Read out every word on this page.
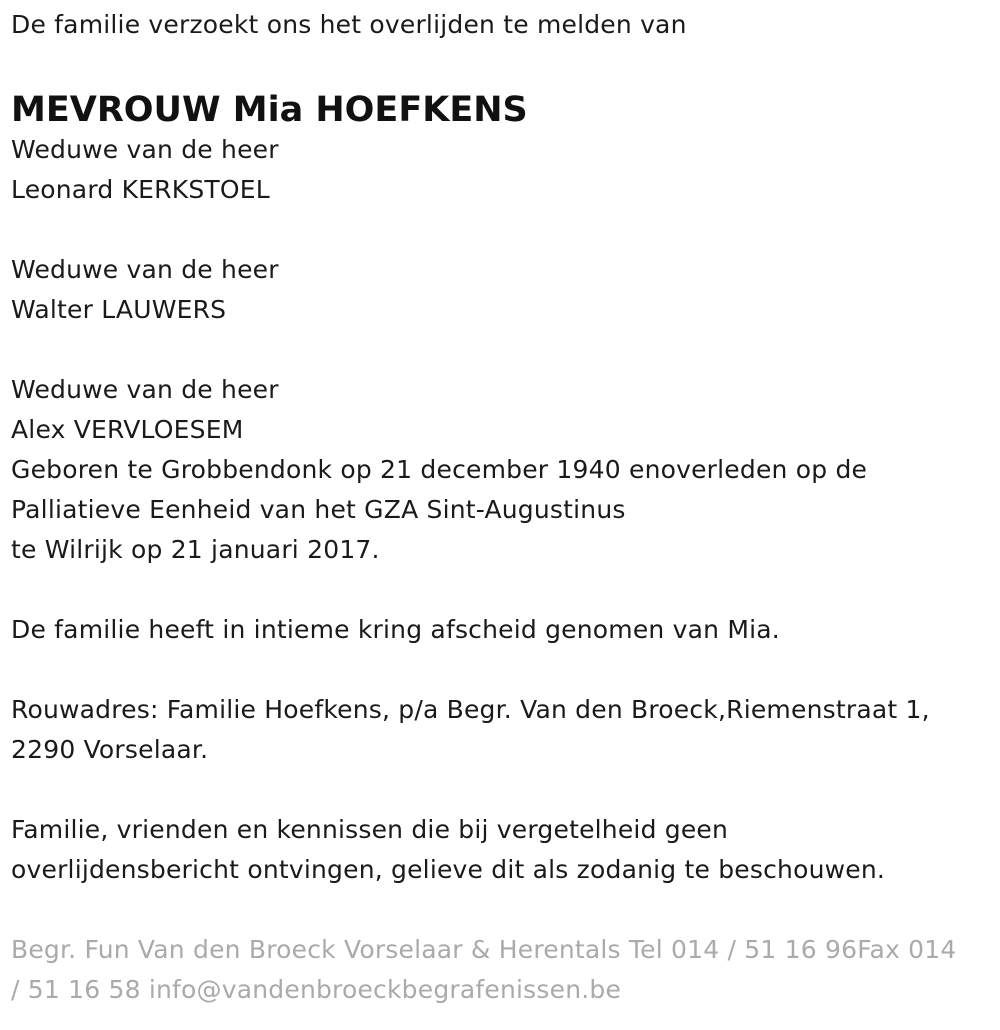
De familie verzoekt ons het overlijden te melden van
MEVROUW Mia HOEFKENS
Weduwe van de heer
Leonard KERKSTOEL
Weduwe van de heer
Walter LAUWERS
Weduwe van de heer
Alex VERVLOESEM
Geboren te Grobbendonk op 21 december 1940 enoverleden op de
Palliatieve Eenheid van het GZA Sint-Augustinus
te Wilrijk op 21 januari 2017.
De familie heeft in intieme kring afscheid genomen van Mia.
Rouwadres: Familie Hoefkens, p/a Begr. Van den Broeck,Riemenstraat 1,
2290 Vorselaar.
Familie, vrienden en kennissen die bij vergetelheid geen
overlijdensbericht ontvingen, gelieve dit als zodanig te beschouwen.
Begr. Fun Van den Broeck Vorselaar & Herentals Tel 014 / 51 16 96Fax 014
/ 51 16 58 info@vandenbroeckbegrafenissen.be
